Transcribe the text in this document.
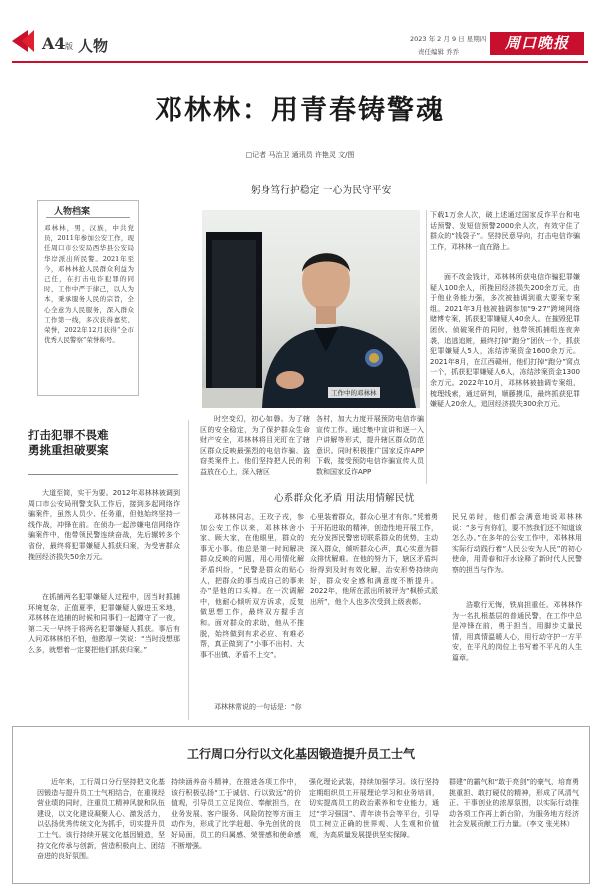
A4 版 人物	2023 年 2 月 9 日 星期四
责任编辑 乔乔	周口晚报
邓林林：用青春铸警魂
□记者 马治卫 通讯员 许艳灵 文/图
人物档案
邓林林，男，汉族，中共党员，2011年参加公安工作，现任周口市公安局西华县公安局华岸派出所民警。2021年至今，邓林林抢人民群众利益为己任，在打击电诈犯罪的同时，工作中严于律己，以人为本，秉承服务人民的宗旨，全心全意为人民服务，深入群众工作第一线，多次获得嘉奖、荣誉，2022年12月获得“全市优秀人民警察”荣誉称号。
打击犯罪不畏难
勇挑重担破要案
躬身笃行护稳定 一心为民守平安
工作中的邓林林
大道至简，实干为要。2012年邓林林被调到周口市公安局刑警支队工作后，接到多起网络诈骗案件，虽然人员少、任务重，但他始终坚持一线作战，冲锋在前。在侦办一起涉嫌电信网络诈骗案件中，他带领民警连续奋战，先后辗转多个省份，最终将犯罪嫌疑人抓获归案，为受害群众挽回经济损失50余万元。
在抓捕两名犯罪嫌疑人过程中，因当时抓捕环境复杂，正值夏季，犯罪嫌疑人躲进玉米地，邓林林在追捕的时候和同事们一起蹲守了一夜，第二天一早终于将两名犯罪嫌疑人抓获。事后有人问邓林林怕不怕，他憨厚一笑说：“当时没想那么多，就想着一定要把他们抓获归案。”
时空变幻，初心如磐。为了辖区的安全稳定，为了保护群众生命财产安全，邓林林将目光盯在了辖区群众反映最强烈的电信诈骗、盗窃类案件上。他们坚持把人民的利益放在心上，深入辖区
各村，加大力度开展预防电信诈骗宣传工作。通过集中宣讲和逐一入户讲解等形式，提升辖区群众防范意识。同时积极推广国家反诈APP下载，接受预防电信诈骗宣传人员数和国家反诈APP
下载1万余人次，破上述通过国家反诈平台和电话预警、发短信预警2000余人次，有效守住了群众的“钱袋子”。坚持民意导向，打击电信诈骗工作，邓林林一直在路上。
面不改金钱计，邓林林所获电信诈骗犯罪嫌疑人100余人，所挽回经济损失200余万元，由于他业务能力强，多次被抽调到重大要案专案组。2021年3月他被抽调参加“9·27”跨境网络赌博专案，抓获犯罪嫌疑人40余人。在摧毁犯罪团伙、侦破案件的同时，他带领抓捕组连夜奔袭，追逃追赃，最终打掉“跑分”团伙一个，抓获犯罪嫌疑人5人，冻结涉案资金1600余万元。2021年8月，在江西赣州，他们打掉“跑分”窝点一个，抓获犯罪嫌疑人6人，冻结涉案资金1300余万元。2022年10月，邓林林被抽调专案组，梳理线索，通过研判，顺藤摸瓜，最终抓获犯罪嫌疑人20余人，追回经济损失300余万元。
心系群众化矛盾 用法用情解民忧
邓林林同志，王玫子戎，参加公安工作以来，邓林林舍小家、顾大家，在他眼里，群众的事无小事。他总是第一时间解决群众反映的问题，用心用情化解矛盾纠纷，“民警是群众的贴心人，把群众的事当成自己的事来办”是他的口头禅。在一次调解中，他耐心倾听双方诉求，反复做思想工作，最终双方握手言和。面对群众的求助，他从不推脱，始终做到有求必应、有难必帮，真正做到了“小事不出村、大事不出镇、矛盾不上交”。
邓林林常说的一句话是：“你
心里装着群众，群众心里才有你。”凭着勇于开拓进取的精神，创造性地开展工作，充分发挥民警密切联系群众的优势，主动深入群众，倾听群众心声，真心实意为群众排忧解难。在他的努力下，辖区矛盾纠纷得到及时有效化解，治安形势持续向好，群众安全感和满意度不断提升。2022年，他所在派出所被评为“枫桥式派出所”，他个人也多次受到上级表彰。
民兄弟时，他们都会满意地说邓林林说：“多亏有你们，要不然我们还不知道该怎么办。”在多年的公安工作中，邓林林用实际行动践行着“人民公安为人民”的初心使命，用青春和汗水诠释了新时代人民警察的担当与作为。
浩歌行无悔，铁肩担重任。邓林林作为一名扎根基层的普通民警，在工作中总是冲锋在前，勇于担当，用脚步丈量民情，用真情温暖人心，用行动守护一方平安，在平凡的岗位上书写着不平凡的人生篇章。
工行周口分行以文化基因锻造提升员工士气
近年来，工行周口分行坚持把文化基因锻造与提升员工士气相结合，在重视经营业绩的同时，注重员工精神风貌和队伍建设，以文化建设凝聚人心、激发活力，以弘扬优秀传统文化为抓手，切实提升员工士气。该行持续开展文化基因锻造，坚持文化传承与创新，营造积极向上、团结奋进的良好氛围。
持续涵养奋斗精神，在推进各项工作中，该行积极弘扬“工于诚信、行以致远”的价值观，引导员工立足岗位、奉献担当，在业务发展、客户服务、风险防控等方面主动作为，形成了比学赶超、争先创优的良好局面，员工的归属感、荣誉感和使命感不断增强。
强化理论武装，持续加强学习。该行坚持定期组织员工开展理论学习和业务培训，切实提高员工的政治素养和专业能力，通过“学习强国”、青年读书会等平台，引导员工树立正确的世界观、人生观和价值观，为高质量发展提供坚实保障。
群建”的霸气和“敢于亮剑”的豪气，培育勇挑重担、敢打硬仗的精神，形成了风清气正、干事创业的浓厚氛围，以实际行动推动各项工作再上新台阶，为服务地方经济社会发展贡献工行力量。（李文 张光林）
